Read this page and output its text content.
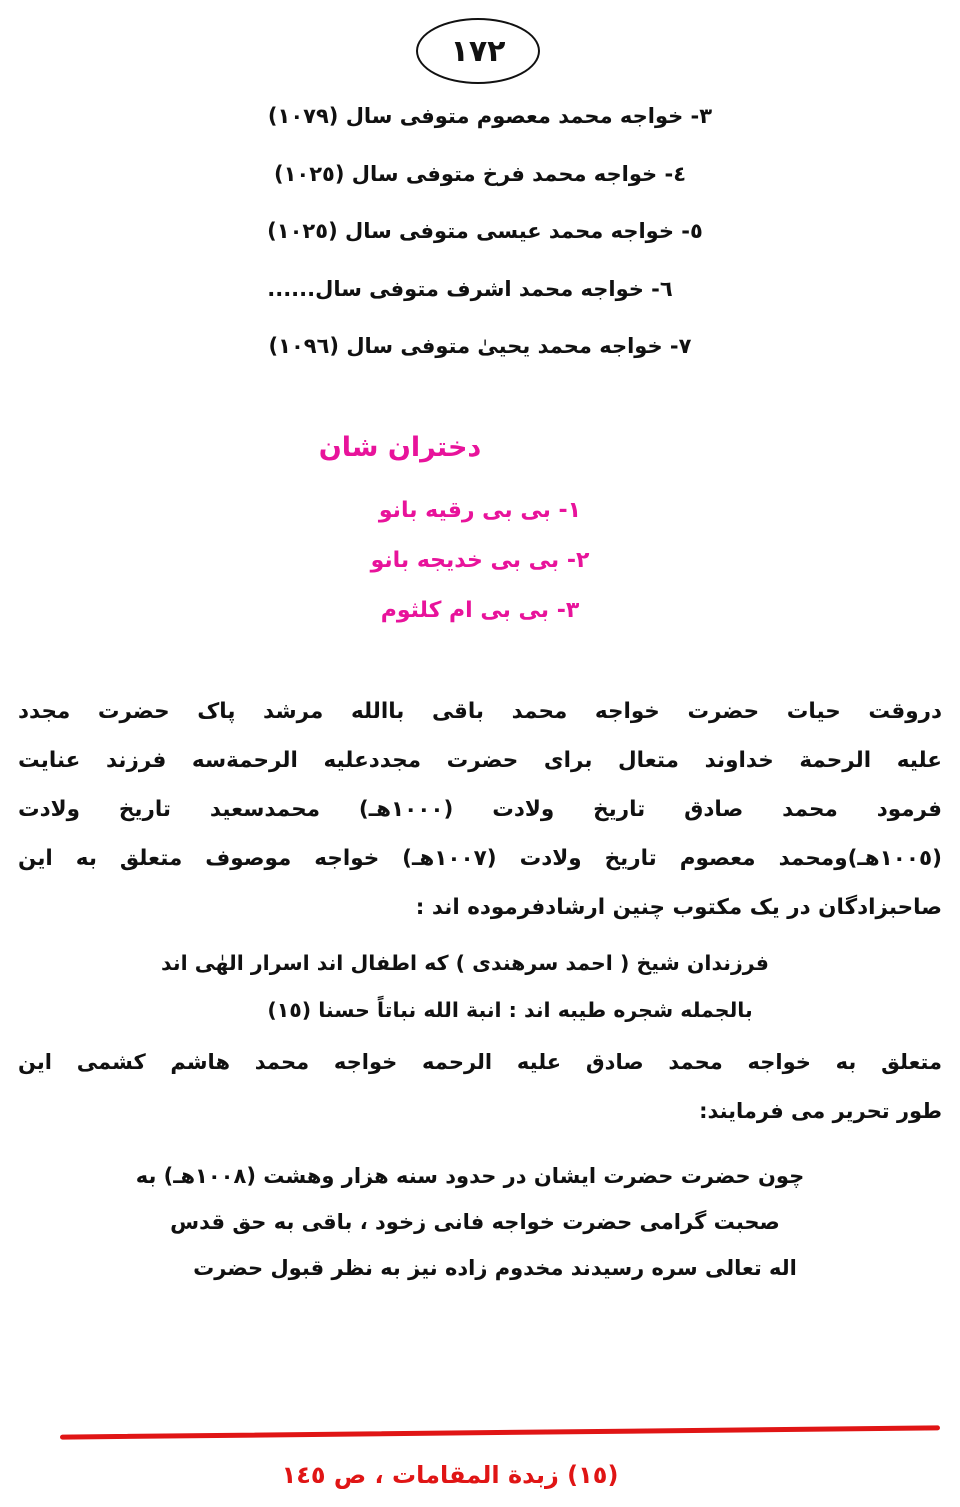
١٧٢
٣- خواجه محمد معصوم متوفی سال (١٠٧٩)
٤- خواجه محمد فرخ متوفی سال (١٠٢٥)
٥- خواجه محمد عیسی متوفی سال (١٠٢٥)
٦- خواجه محمد اشرف متوفی سال......
٧- خواجه محمد یحییٰ متوفی سال (١٠٩٦)
دختران شان
١- بی بی رقیه بانو
٢- بی بی خدیجه بانو
٣- بی بی ام کلثوم

دروقت حیات حضرت خواجه محمد باقی باالله مرشد پاک حضرت مجدد

علیه الرحمة خداوند متعال برای حضرت مجددعلیه الرحمةسه فرزند عنایت

فرمود محمد صادق تاریخ ولادت (١٠٠٠هـ) محمدسعید تاریخ ولادت

(١٠٠٥هـ)ومحمد معصوم تاریخ ولادت (١٠٠٧هـ) خواجه موصوف متعلق به این

صاحبزادگان در یک مکتوب چنین ارشادفرموده اند :

فرزندان شیخ ( احمد سرهندی ) که اطفال اند اسرار الهٰی اند
بالجمله شجره طیبه اند : انبة الله نباتاً حسنا (١٥)

متعلق به خواجه محمد صادق علیه الرحمه خواجه محمد هاشم کشمی این

طور تحریر می فرمایند:

چون حضرت حضرت ایشان در حدود سنه هزار وهشت (١٠٠٨هـ) به
صحبت گرامی حضرت خواجه فانی زخود ، باقی به حق قدس
اله تعالی سره رسیدند مخدوم زاده نیز به نظر قبول حضرت
(١٥) زبدة المقامات ، ص ١٤٥
